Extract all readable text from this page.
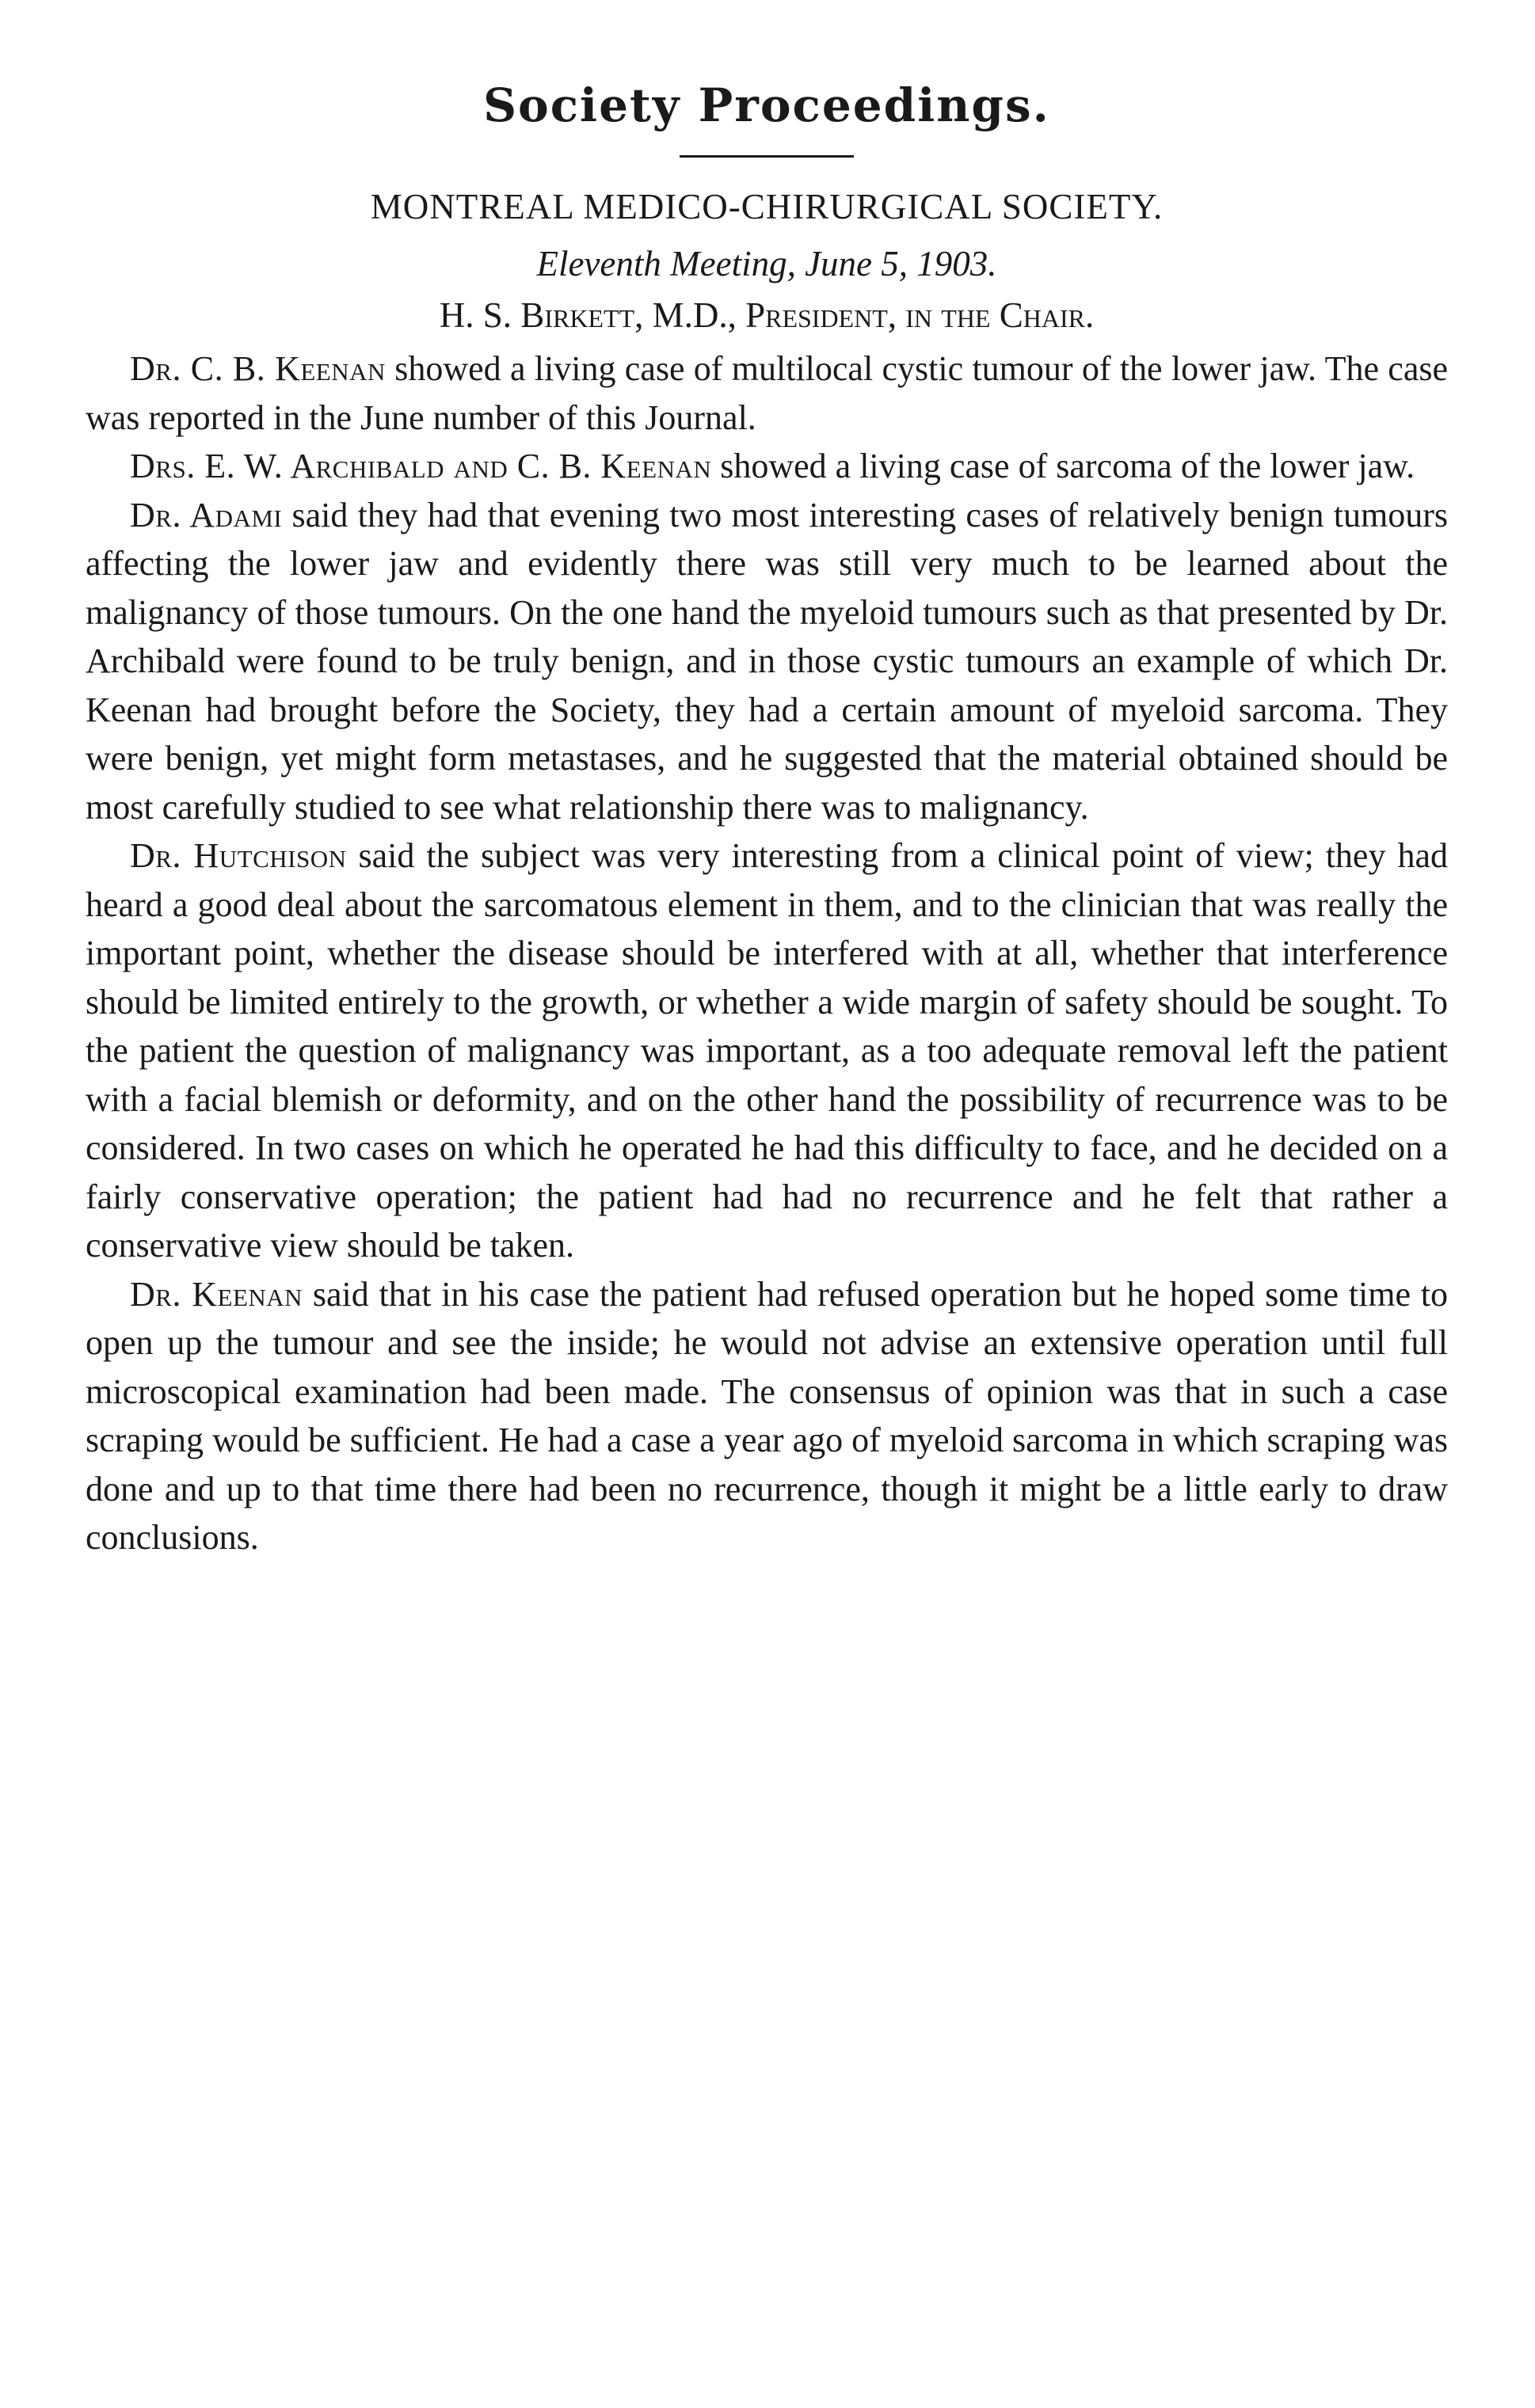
Society Proceedings.
MONTREAL MEDICO-CHIRURGICAL SOCIETY.
Eleventh Meeting, June 5, 1903.
H. S. Birkett, M.D., President, in the Chair.

Dr. C. B. Keenan showed a living case of multilocal cystic tumour of the lower jaw. The case was reported in the June number of this Journal.

Drs. E. W. Archibald and C. B. Keenan showed a living case of sarcoma of the lower jaw.

Dr. Adami said they had that evening two most interesting cases of relatively benign tumours affecting the lower jaw and evidently there was still very much to be learned about the malignancy of those tumours. On the one hand the myeloid tumours such as that presented by Dr. Archibald were found to be truly benign, and in those cystic tumours an example of which Dr. Keenan had brought before the Society, they had a certain amount of myeloid sarcoma. They were benign, yet might form metastases, and he suggested that the material obtained should be most carefully studied to see what relationship there was to malignancy.

Dr. Hutchison said the subject was very interesting from a clinical point of view; they had heard a good deal about the sarcomatous element in them, and to the clinician that was really the important point, whether the disease should be interfered with at all, whether that interference should be limited entirely to the growth, or whether a wide margin of safety should be sought. To the patient the question of malignancy was important, as a too adequate removal left the patient with a facial blemish or deformity, and on the other hand the possibility of recurrence was to be considered. In two cases on which he operated he had this difficulty to face, and he decided on a fairly conservative operation; the patient had had no recurrence and he felt that rather a conservative view should be taken.

Dr. Keenan said that in his case the patient had refused operation but he hoped some time to open up the tumour and see the inside; he would not advise an extensive operation until full microscopical examination had been made. The consensus of opinion was that in such a case scraping would be sufficient. He had a case a year ago of myeloid sarcoma in which scraping was done and up to that time there had been no recurrence, though it might be a little early to draw conclusions.
